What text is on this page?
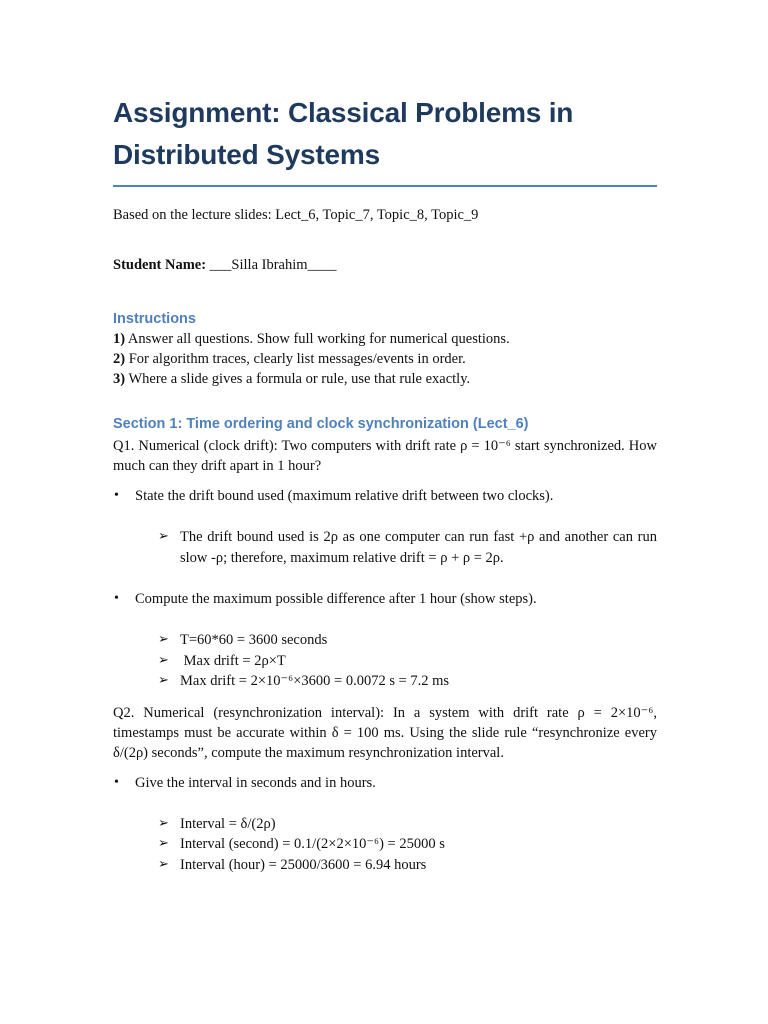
Assignment: Classical Problems in
Distributed Systems

Based on the lecture slides: Lect_6, Topic_7, Topic_8, Topic_9

Student Name: ___Silla Ibrahim____

Instructions

1) Answer all questions. Show full working for numerical questions.

2) For algorithm traces, clearly list messages/events in order.

3) Where a slide gives a formula or rule, use that rule exactly.

Section 1: Time ordering and clock synchronization (Lect_6)

Q1. Numerical (clock drift): Two computers with drift rate ρ = 10⁻⁶ start synchronized. How much can they drift apart in 1 hour?

• State the drift bound used (maximum relative drift between two clocks).

➢ The drift bound used is 2ρ as one computer can run fast +ρ and another can run slow -ρ; therefore, maximum relative drift = ρ + ρ = 2ρ.

• Compute the maximum possible difference after 1 hour (show steps).

➢ T=60*60 = 3600 seconds
➢ Max drift = 2ρ×T
➢ Max drift = 2×10⁻⁶×3600 = 0.0072 s = 7.2 ms

Q2. Numerical (resynchronization interval): In a system with drift rate ρ = 2×10⁻⁶, timestamps must be accurate within δ = 100 ms. Using the slide rule “resynchronize every δ/(2ρ) seconds”, compute the maximum resynchronization interval.

• Give the interval in seconds and in hours.

➢ Interval = δ/(2ρ)
➢ Interval (second) = 0.1/(2×2×10⁻⁶) = 25000 s
➢ Interval (hour) = 25000/3600 = 6.94 hours
